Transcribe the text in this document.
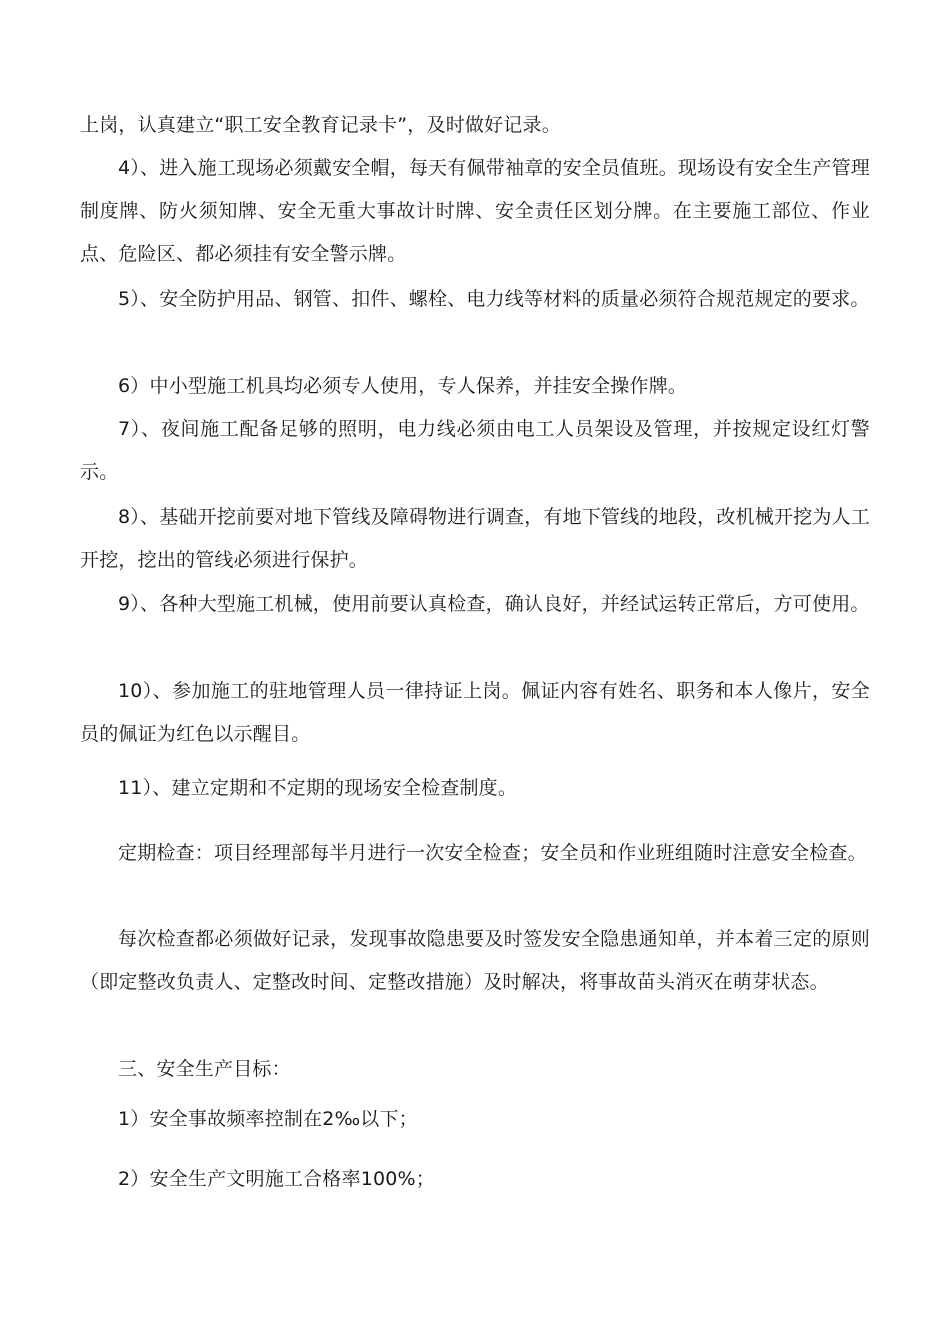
上岗，认真建立“职工安全教育记录卡”，及时做好记录。

4）、进入施工现场必须戴安全帽，每天有佩带袖章的安全员值班。现场设有安全生产管理制度牌、防火须知牌、安全无重大事故计时牌、安全责任区划分牌。在主要施工部位、作业点、危险区、都必须挂有安全警示牌。

5）、安全防护用品、钢管、扣件、螺栓、电力线等材料的质量必须符合规范规定的要求。

6）中小型施工机具均必须专人使用，专人保养，并挂安全操作牌。

7）、夜间施工配备足够的照明，电力线必须由电工人员架设及管理，并按规定设红灯警示。

8）、基础开挖前要对地下管线及障碍物进行调查，有地下管线的地段，改机械开挖为人工开挖，挖出的管线必须进行保护。

9）、各种大型施工机械，使用前要认真检查，确认良好，并经试运转正常后，方可使用。

10）、参加施工的驻地管理人员一律持证上岗。佩证内容有姓名、职务和本人像片，安全员的佩证为红色以示醒目。

11）、建立定期和不定期的现场安全检查制度。

定期检查：项目经理部每半月进行一次安全检查；安全员和作业班组随时注意安全检查。

每次检查都必须做好记录，发现事故隐患要及时签发安全隐患通知单，并本着三定的原则（即定整改负责人、定整改时间、定整改措施）及时解决，将事故苗头消灭在萌芽状态。

三、安全生产目标：

1）安全事故频率控制在2‰以下；

2）安全生产文明施工合格率100%；
